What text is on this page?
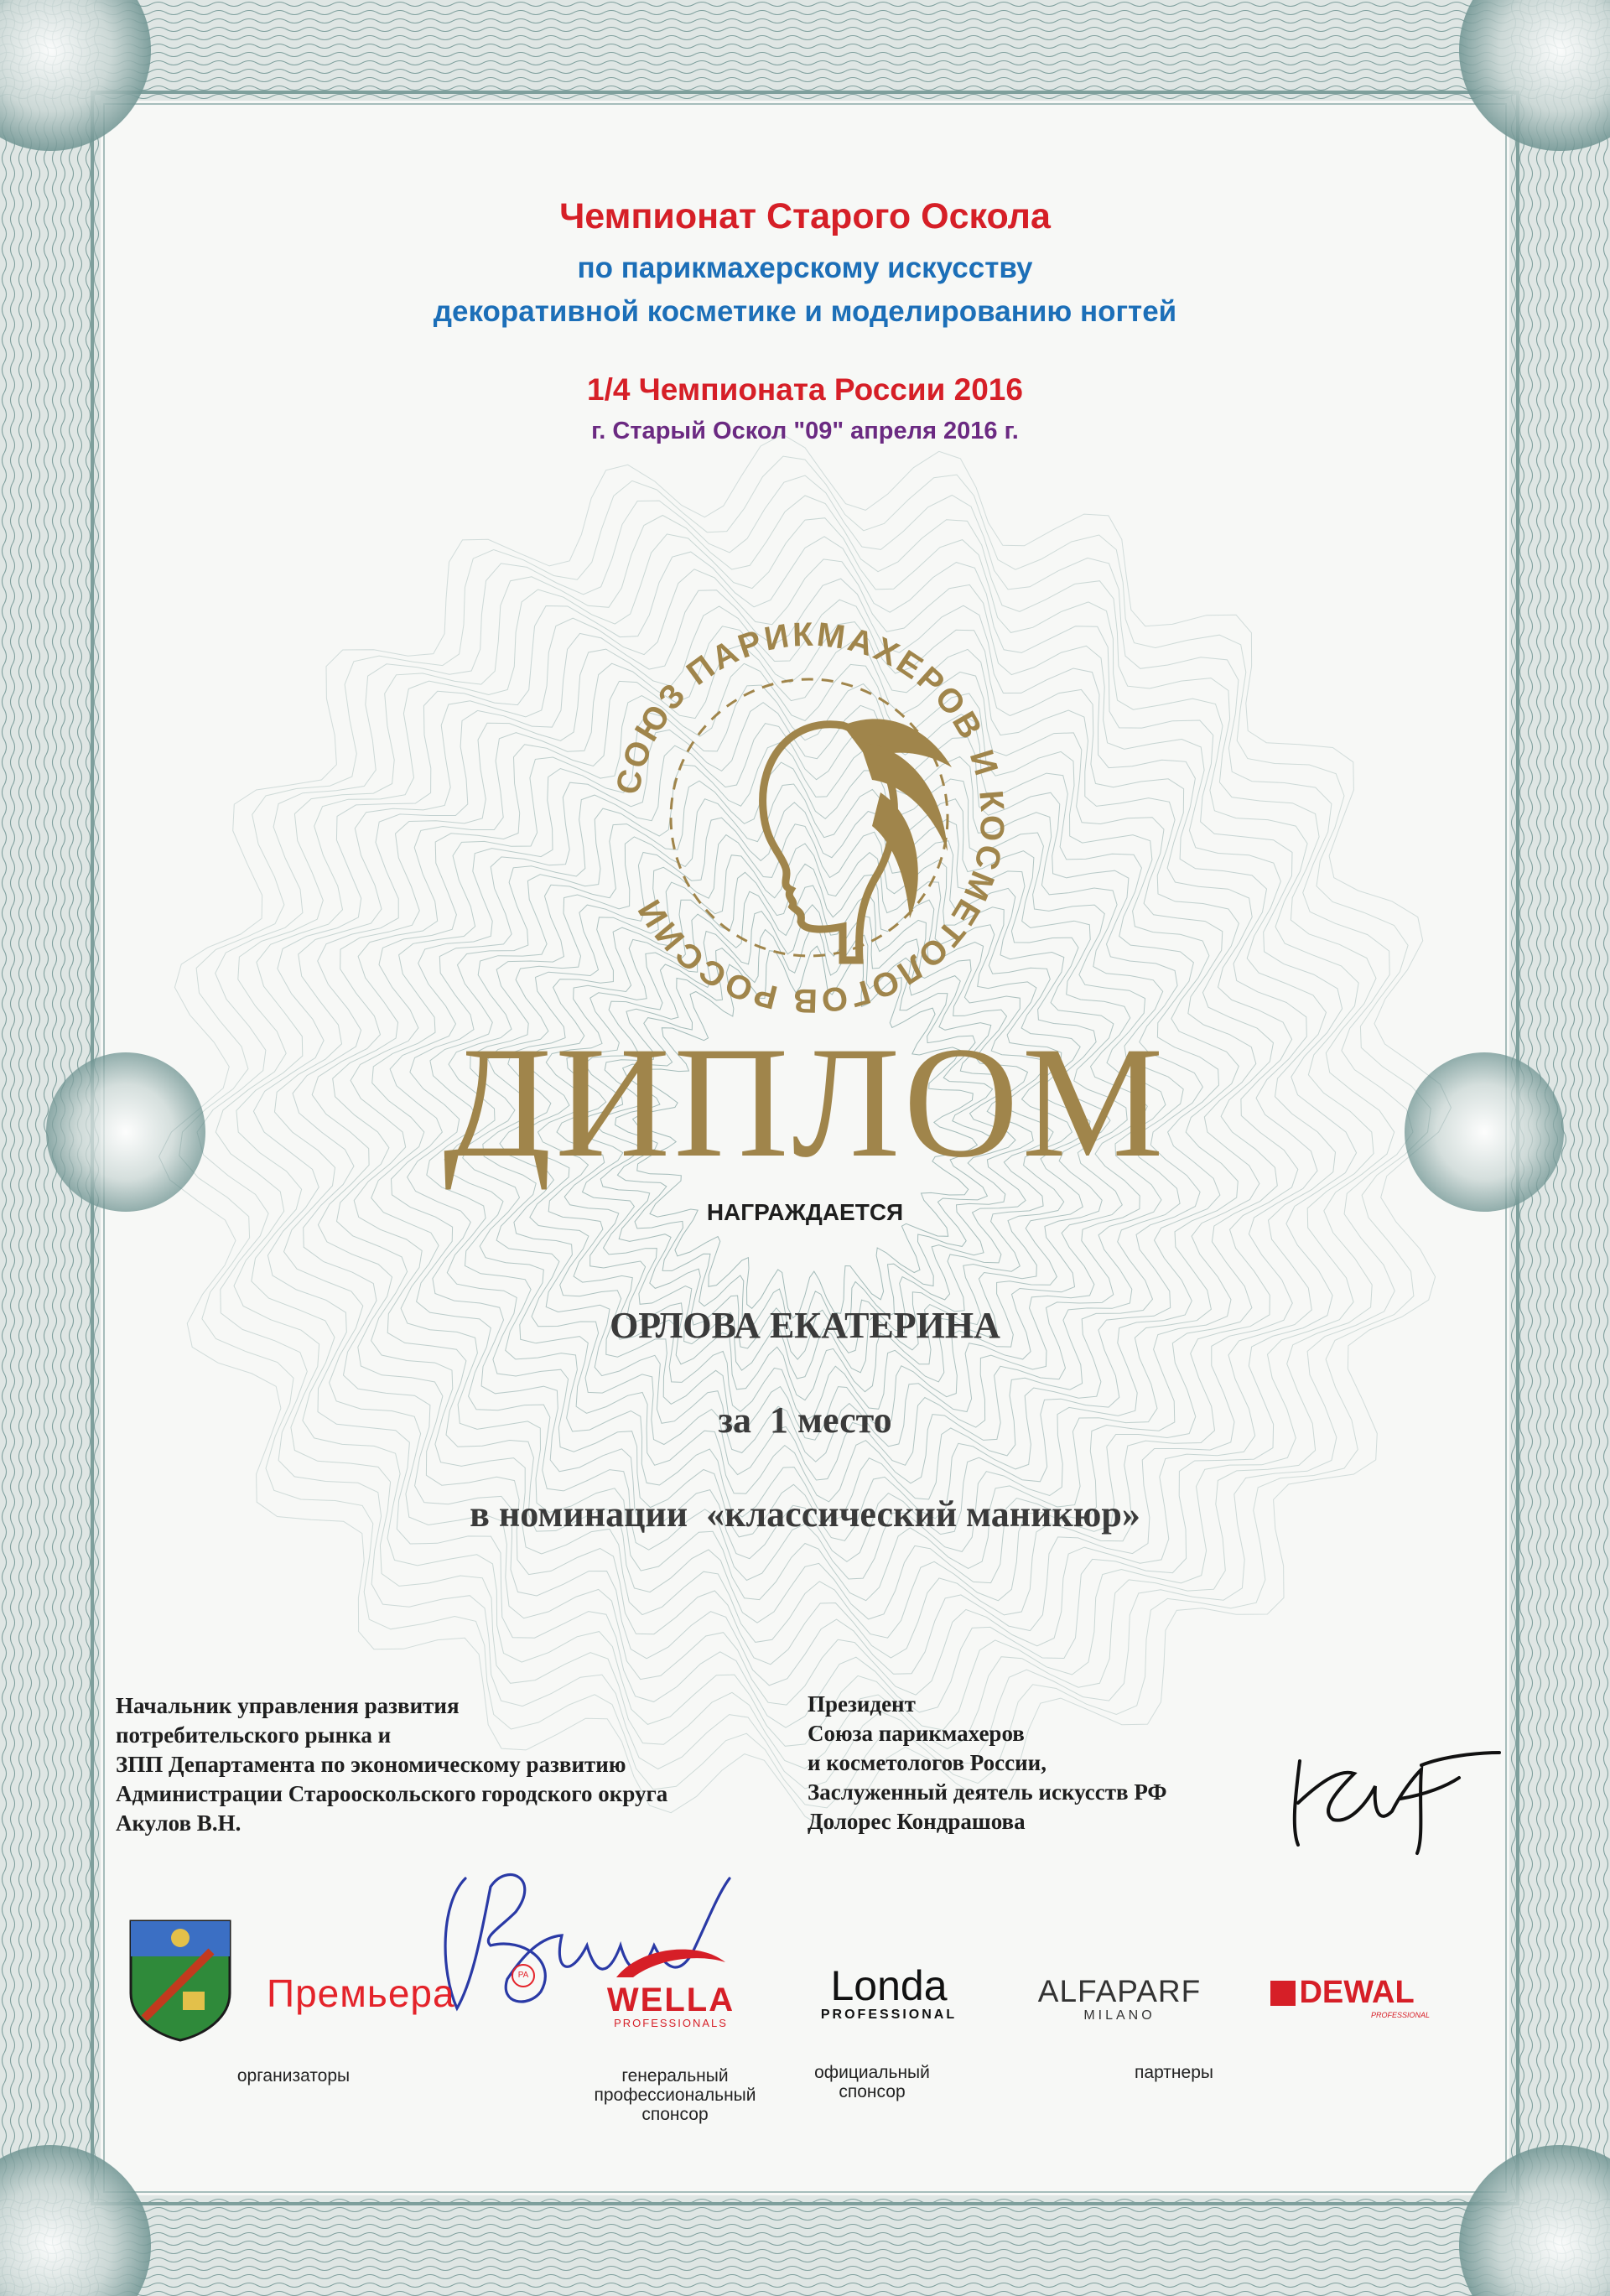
Чемпионат Старого Оскола
по парикмахерскому искусству
декоративной косметике и моделированию ногтей
1/4 Чемпионата России 2016
г. Старый Оскол "09" апреля 2016 г.
СОЮЗ ПАРИКМАХЕРОВ И КОСМЕТОЛОГОВ РОССИИ
ДИПЛОМ
НАГРАЖДАЕТСЯ
ОРЛОВА ЕКАТЕРИНА
за  1 место
в номинации  «классический маникюр»
Начальник управления развития
потребительского рынка и
ЗПП Департамента по экономическому развитию
Администрации Старооскольского городского округа
Акулов В.Н.
Президент
Союза парикмахеров
и косметологов России,
Заслуженный деятель искусств РФ
Долорес Кондрашова
Премьера	PA
WELLA
PROFESSIONALS
Londa
PROFESSIONAL
ALFAPARF
MILANO
DEWAL
PROFESSIONAL
организаторы	генеральный профессиональный спонсор
официальный спонсор
партнеры
